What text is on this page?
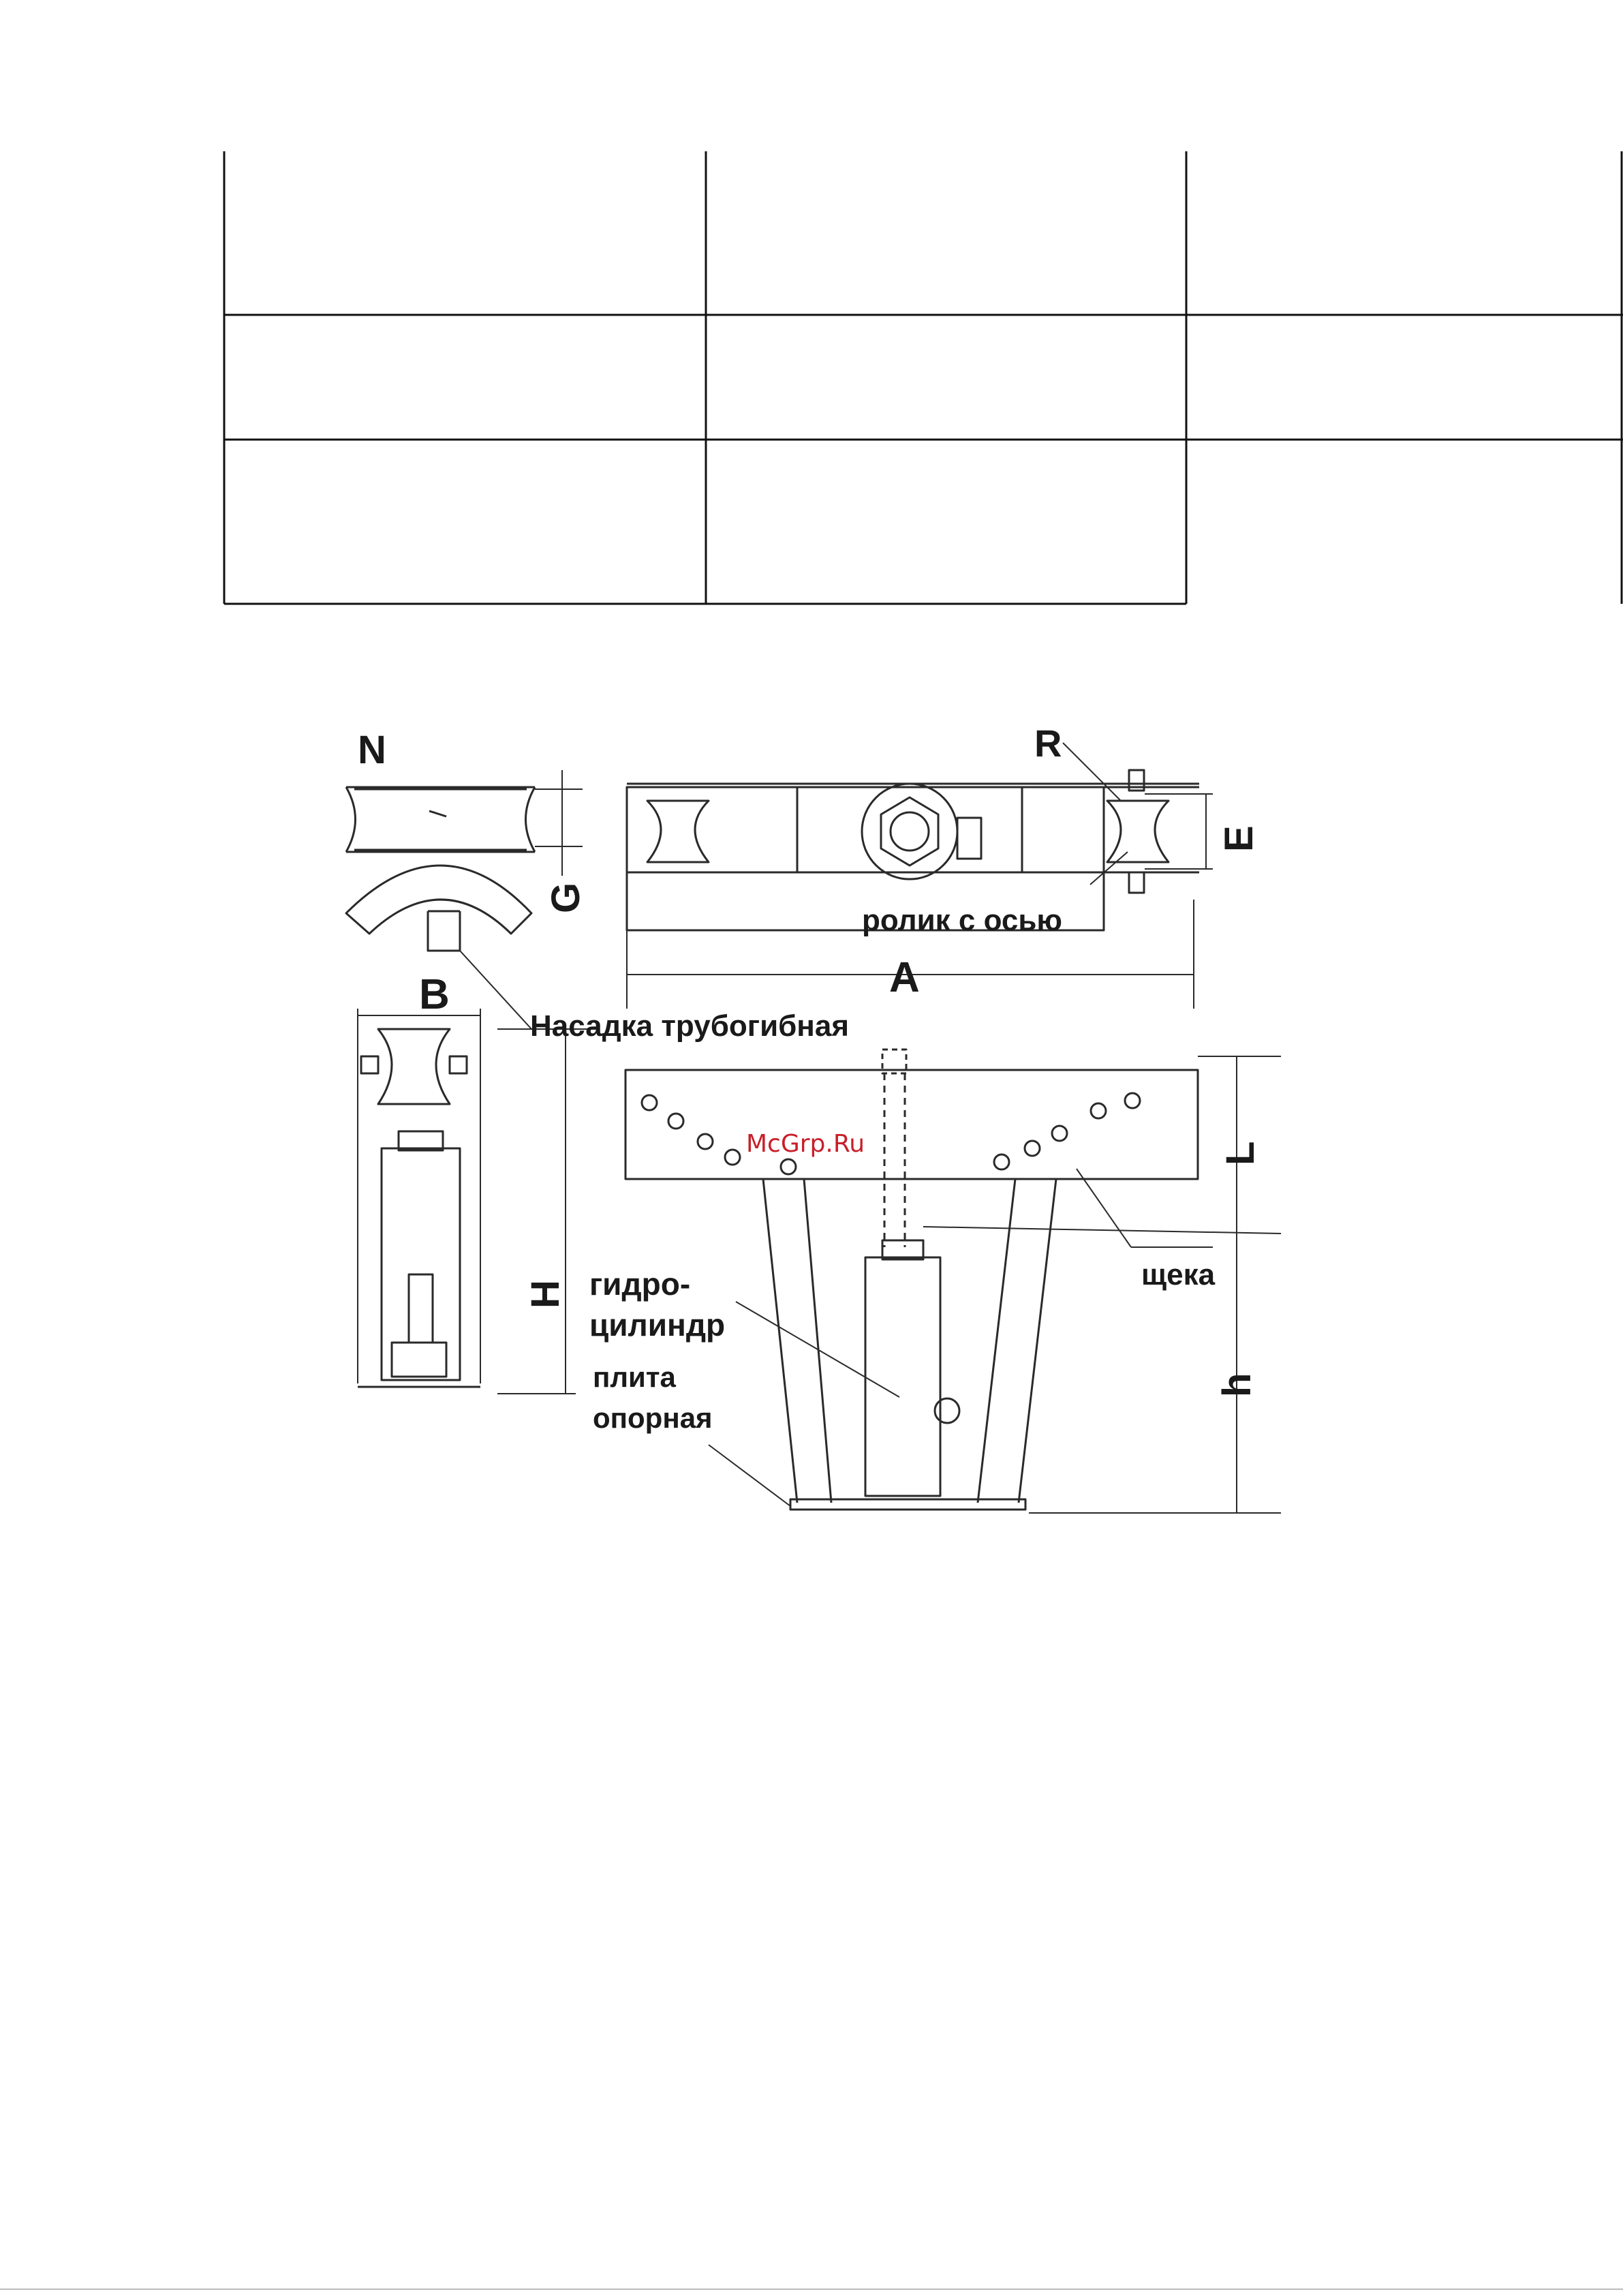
N	R
E
G
A
B
L
H
h
ролик с осью
Насадка трубогибная
щека
гидро-
цилиндр
плита
опорная
McGrp.Ru
